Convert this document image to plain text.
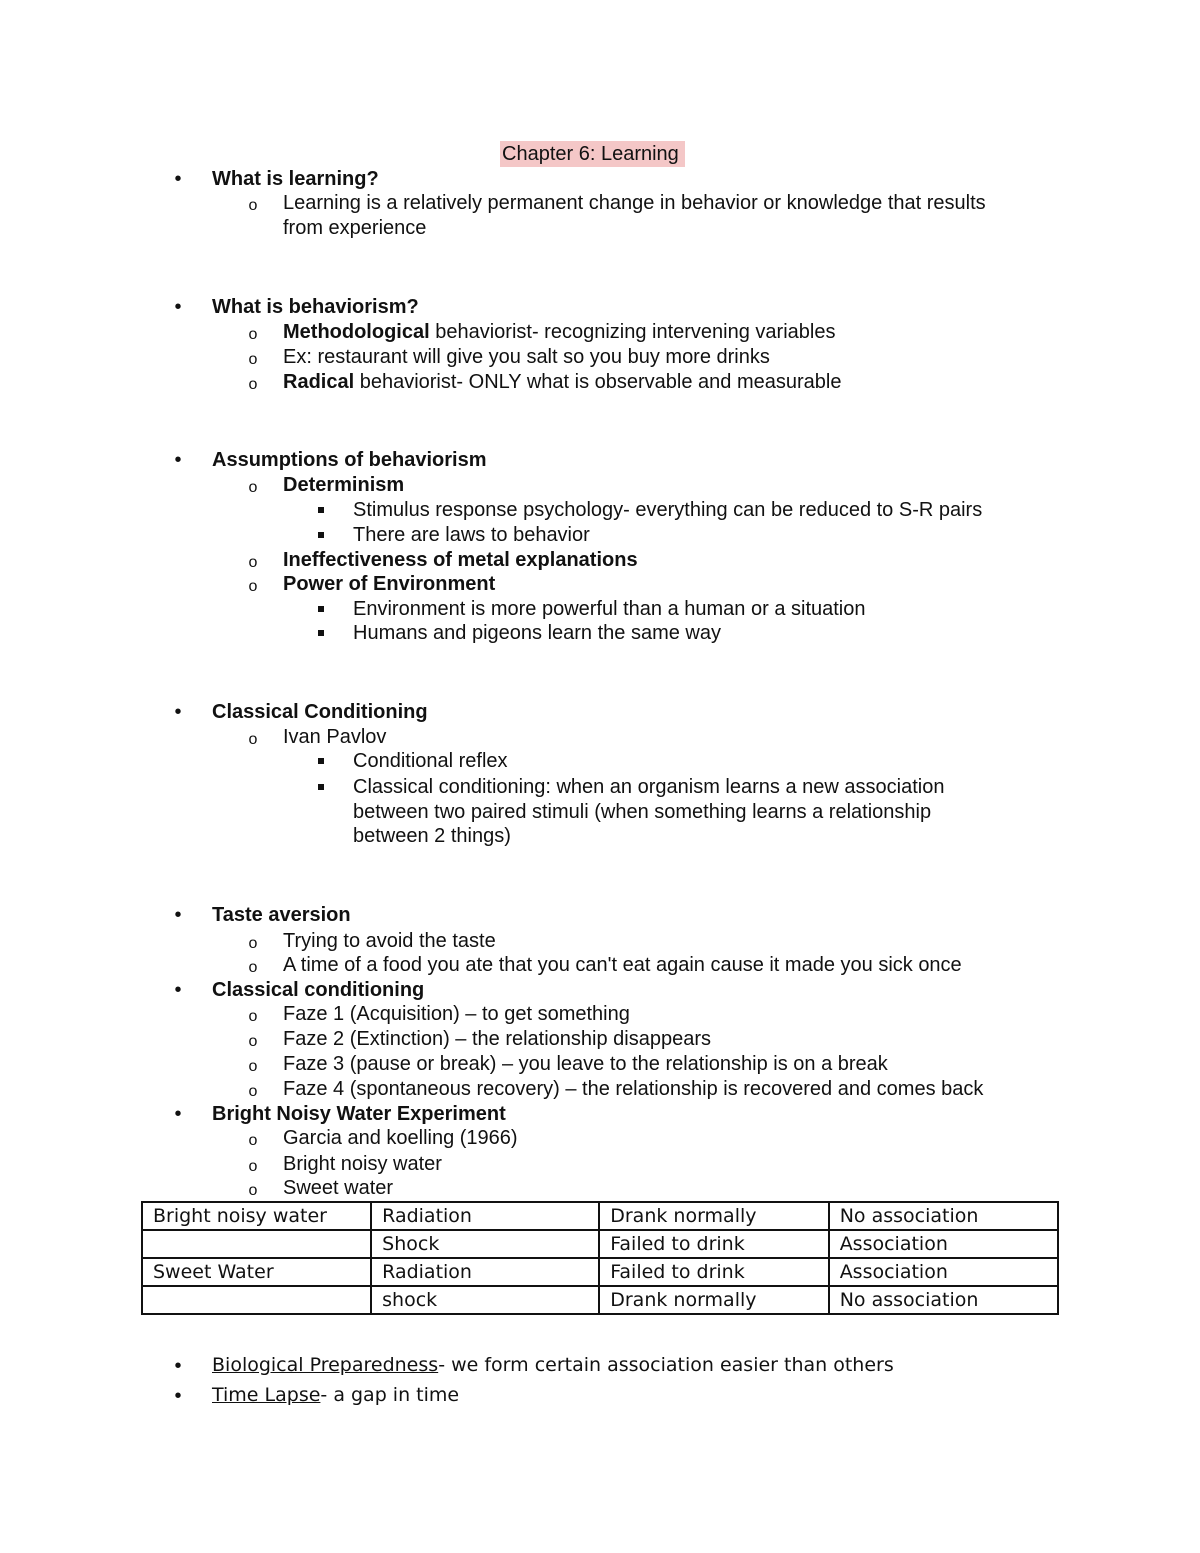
Chapter 6: Learning
•	What is learning?
o Learning is a relatively permanent change in behavior or knowledge that results
from experience
•	What is behaviorism?
o Methodological behaviorist- recognizing intervening variables
o Ex: restaurant will give you salt so you buy more drinks
o Radical behaviorist- ONLY what is observable and measurable
•	Assumptions of behaviorism
o Determinism
Stimulus response psychology- everything can be reduced to S-R pairs
There are laws to behavior
o Ineffectiveness of metal explanations
o Power of Environment
Environment is more powerful than a human or a situation
Humans and pigeons learn the same way
•	Classical Conditioning
o Ivan Pavlov
Conditional reflex
Classical conditioning: when an organism learns a new association
between two paired stimuli (when something learns a relationship
between 2 things)
•	Taste aversion
o Trying to avoid the taste
o A time of a food you ate that you can't eat again cause it made you sick once
•	Classical conditioning
o Faze 1 (Acquisition) – to get something
o Faze 2 (Extinction) – the relationship disappears
o Faze 3 (pause or break) – you leave to the relationship is on a break
o Faze 4 (spontaneous recovery) – the relationship is recovered and comes back
•	Bright Noisy Water Experiment
o Garcia and koelling (1966)
o Bright noisy water
o Sweet water
Bright noisy water	Radiation	Drank normally	No association
	Shock	Failed to drink	Association
Sweet Water	Radiation	Failed to drink	Association
	shock	Drank normally	No association
•	Biological Preparedness- we form certain association easier than others
•	Time Lapse- a gap in time
